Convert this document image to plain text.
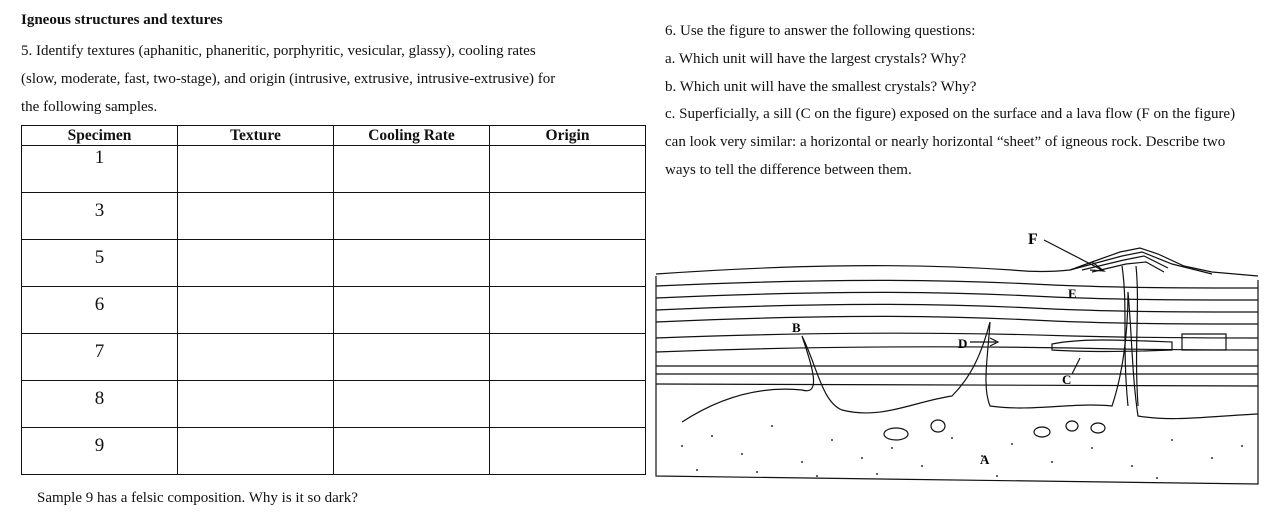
Igneous structures and textures
5. Identify textures (aphanitic, phaneritic, porphyritic, vesicular, glassy), cooling rates
(slow, moderate, fast, two-stage), and origin (intrusive, extrusive, intrusive-extrusive) for
the following samples.
Specimen	Texture	Cooling Rate	Origin

1			

3			

5			

6			

7			

8			

9			

Sample 9 has a felsic composition. Why is it so dark?
6. Use the figure to answer the following questions:
a. Which unit will have the largest crystals? Why?
b. Which unit will have the smallest crystals? Why?
c. Superficially, a sill (C on the figure) exposed on the surface and a lava flow (F on the figure)
can look very similar: a horizontal or nearly horizontal “sheet” of igneous rock. Describe two
ways to tell the difference between them.
F
E
B
D
C
A
